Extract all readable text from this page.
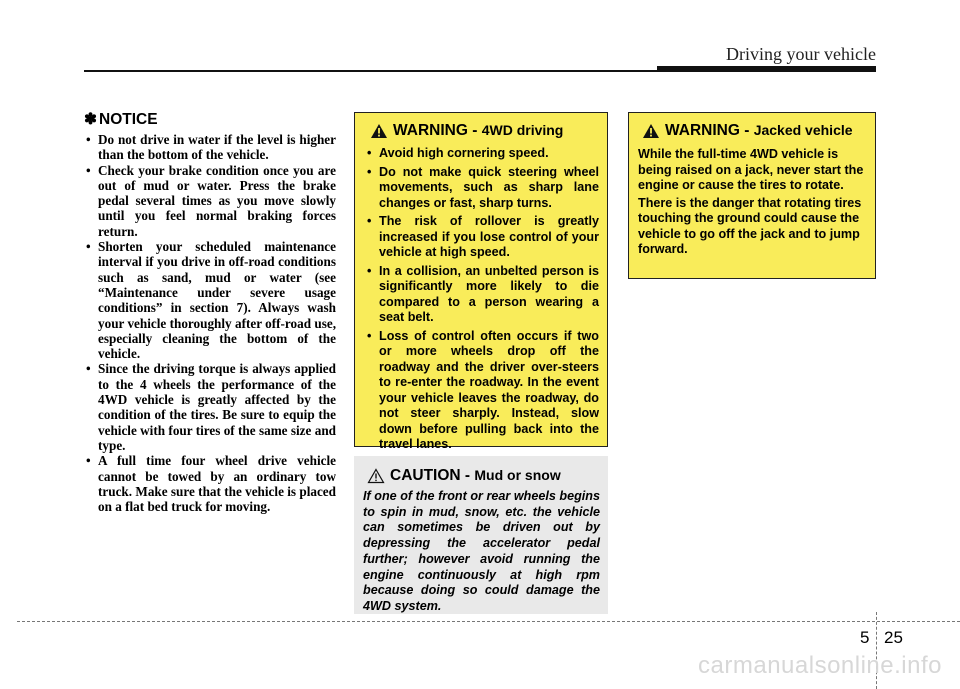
Driving your vehicle
✽ NOTICE
• Do not drive in water if the level is higher than the bottom of the vehicle.
• Check your brake condition once you are out of mud or water. Press the brake pedal several times as you move slowly until you feel normal braking forces return.
• Shorten your scheduled maintenance interval if you drive in off-road conditions such as sand, mud or water (see “Maintenance under severe usage conditions” in section 7). Always wash your vehicle thoroughly after off-road use, especially cleaning the bottom of the vehicle.
• Since the driving torque is always applied to the 4 wheels the performance of the 4WD vehicle is greatly affected by the condition of the tires. Be sure to equip the vehicle with four tires of the same size and type.
• A full time four wheel drive vehicle cannot be towed by an ordinary tow truck. Make sure that the vehicle is placed on a flat bed truck for moving.
WARNING - 4WD driving
• Avoid high cornering speed.
• Do not make quick steering wheel movements, such as sharp lane changes or fast, sharp turns.
• The risk of rollover is greatly increased if you lose control of your vehicle at high speed.
• In a collision, an unbelted person is significantly more likely to die compared to a person wearing a seat belt.
• Loss of control often occurs if two or more wheels drop off the roadway and the driver over-steers to re-enter the roadway. In the event your vehicle leaves the roadway, do not steer sharply. Instead, slow down before pulling back into the travel lanes.
CAUTION - Mud or snow

If one of the front or rear wheels begins to spin in mud, snow, etc. the vehicle can sometimes be driven out by depressing the accelerator pedal further; however avoid running the engine continuously at high rpm because doing so could damage the 4WD system.

WARNING - Jacked vehicle

While the full-time 4WD vehicle is being raised on a jack, never start the engine or cause the tires to rotate.

There is the danger that rotating tires touching the ground could cause the vehicle to go off the jack and to jump forward.

5 25
carmanualsonline.info
